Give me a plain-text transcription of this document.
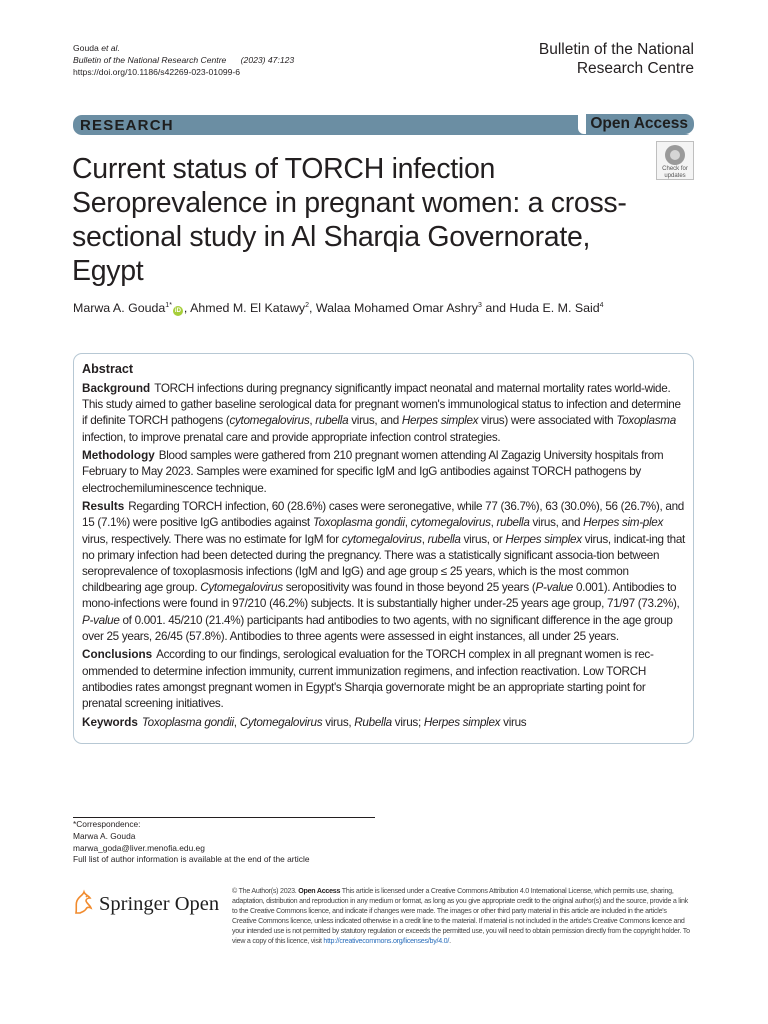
Gouda et al.
Bulletin of the National Research Centre (2023) 47:123
https://doi.org/10.1186/s42269-023-01099-6
Bulletin of the National Research Centre
RESEARCH	Open Access
Current status of TORCH infection Seroprevalence in pregnant women: a cross-sectional study in Al Sharqia Governorate, Egypt
Check for
updates
Marwa A. Gouda$^{1*}$iD , Ahmed M. El Katawy$^2$, Walaa Mohamed Omar Ashry$^3$ and Huda E. M. Said$^4$
Abstract

Background TORCH infections during pregnancy significantly impact neonatal and maternal mortality rates world-wide. This study aimed to gather baseline serological data for pregnant women's immunological status to infection and determine if definite TORCH pathogens (cytomegalovirus, rubella virus, and Herpes simplex virus) were associated with Toxoplasma infection, to improve prenatal care and provide appropriate infection control strategies.

Methodology Blood samples were gathered from 210 pregnant women attending Al Zagazig University hospitals from February to May 2023. Samples were examined for specific IgM and IgG antibodies against TORCH pathogens by electrochemiluminescence technique.

Results Regarding TORCH infection, 60 (28.6%) cases were seronegative, while 77 (36.7%), 63 (30.0%), 56 (26.7%), and 15 (7.1%) were positive IgG antibodies against Toxoplasma gondii, cytomegalovirus, rubella virus, and Herpes sim-plex virus, respectively. There was no estimate for IgM for cytomegalovirus, rubella virus, or Herpes simplex virus, indicat-ing that no primary infection had been detected during the pregnancy. There was a statistically significant associa-tion between seroprevalence of toxoplasmosis infections (IgM and IgG) and age group ≤ 25 years, which is the most common childbearing age group. Cytomegalovirus seropositivity was found in those beyond 25 years (P-value 0.001). Antibodies to mono-infections were found in 97/210 (46.2%) subjects. It is substantially higher under-25 years age group, 71/97 (73.2%), P-value of 0.001. 45/210 (21.4%) participants had antibodies to two agents, with no significant difference in the age group over 25 years, 26/45 (57.8%). Antibodies to three agents were assessed in eight instances, all under 25 years.

Conclusions According to our findings, serological evaluation for the TORCH complex in all pregnant women is rec-ommended to determine infection immunity, current immunization regimens, and infection reactivation. Low TORCH antibodies rates amongst pregnant women in Egypt's Sharqia governorate might be an appropriate starting point for prenatal screening initiatives.

Keywords Toxoplasma gondii, Cytomegalovirus virus, Rubella virus; Herpes simplex virus

*Correspondence:
Marwa A. Gouda
marwa_goda@liver.menofia.edu.eg
Full list of author information is available at the end of the article
Springer Open
© The Author(s) 2023. Open Access This article is licensed under a Creative Commons Attribution 4.0 International License, which permits use, sharing, adaptation, distribution and reproduction in any medium or format, as long as you give appropriate credit to the original author(s) and the source, provide a link to the Creative Commons licence, and indicate if changes were made. The images or other third party material in this article are included in the article's Creative Commons licence, unless indicated otherwise in a credit line to the material. If material is not included in the article's Creative Commons licence and your intended use is not permitted by statutory regulation or exceeds the permitted use, you will need to obtain permission directly from the copyright holder. To view a copy of this licence, visit http://creativecommons.org/licenses/by/4.0/.
